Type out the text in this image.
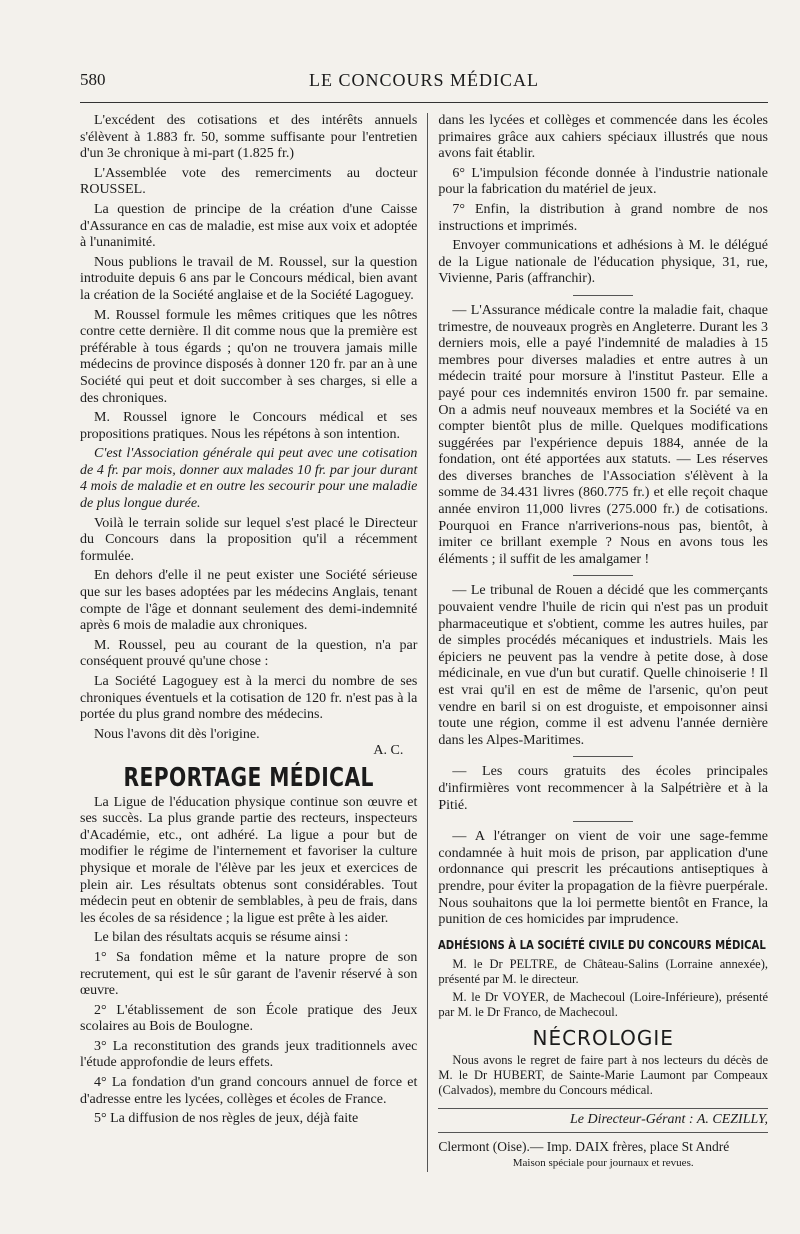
580	LE CONCOURS MÉDICAL

L'excédent des cotisations et des intérêts annuels s'élèvent à 1.883 fr. 50, somme suffisante pour l'entretien d'un 3e chronique à mi-part (1.825 fr.)

L'Assemblée vote des remerciments au docteur ROUSSEL.

La question de principe de la création d'une Caisse d'Assurance en cas de maladie, est mise aux voix et adoptée à l'unanimité.

Nous publions le travail de M. Roussel, sur la question introduite depuis 6 ans par le Concours médical, bien avant la création de la Société anglaise et de la Société Lagoguey.

M. Roussel formule les mêmes critiques que les nôtres contre cette dernière. Il dit comme nous que la première est préférable à tous égards ; qu'on ne trouvera jamais mille médecins de province disposés à donner 120 fr. par an à une Société qui peut et doit succomber à ses charges, si elle a des chroniques.

M. Roussel ignore le Concours médical et ses propositions pratiques. Nous les répétons à son intention.

C'est l'Association générale qui peut avec une cotisation de 4 fr. par mois, donner aux malades 10 fr. par jour durant 4 mois de maladie et en outre les secourir pour une maladie de plus longue durée.

Voilà le terrain solide sur lequel s'est placé le Directeur du Concours dans la proposition qu'il a récemment formulée.

En dehors d'elle il ne peut exister une Société sérieuse que sur les bases adoptées par les médecins Anglais, tenant compte de l'âge et donnant seulement des demi-indemnité après 6 mois de maladie aux chroniques.

M. Roussel, peu au courant de la question, n'a par conséquent prouvé qu'une chose :

La Société Lagoguey est à la merci du nombre de ses chroniques éventuels et la cotisation de 120 fr. n'est pas à la portée du plus grand nombre des médecins.

Nous l'avons dit dès l'origine.

A. C.
REPORTAGE MÉDICAL

La Ligue de l'éducation physique continue son œuvre et ses succès. La plus grande partie des recteurs, inspecteurs d'Académie, etc., ont adhéré. La ligue a pour but de modifier le régime de l'internement et favoriser la culture physique et morale de l'élève par les jeux et exercices de plein air. Les résultats obtenus sont considérables. Tout médecin peut en obtenir de semblables, à peu de frais, dans les écoles de sa résidence ; la ligue est prête à les aider.

Le bilan des résultats acquis se résume ainsi :

1° Sa fondation même et la nature propre de son recrutement, qui est le sûr garant de l'avenir réservé à son œuvre.

2° L'établissement de son École pratique des Jeux scolaires au Bois de Boulogne.

3° La reconstitution des grands jeux traditionnels avec l'étude approfondie de leurs effets.

4° La fondation d'un grand concours annuel de force et d'adresse entre les lycées, collèges et écoles de France.

5° La diffusion de nos règles de jeux, déjà faite

dans les lycées et collèges et commencée dans les écoles primaires grâce aux cahiers spéciaux illustrés que nous avons fait établir.

6° L'impulsion féconde donnée à l'industrie nationale pour la fabrication du matériel de jeux.

7° Enfin, la distribution à grand nombre de nos instructions et imprimés.

Envoyer communications et adhésions à M. le délégué de la Ligue nationale de l'éducation physique, 31, rue, Vivienne, Paris (affranchir).

— L'Assurance médicale contre la maladie fait, chaque trimestre, de nouveaux progrès en Angleterre. Durant les 3 derniers mois, elle a payé l'indemnité de maladies à 15 membres pour diverses maladies et entre autres à un médecin traité pour morsure à l'institut Pasteur. Elle a payé pour ces indemnités environ 1500 fr. par semaine. On a admis neuf nouveaux membres et la Société va en compter bientôt plus de mille. Quelques modifications suggérées par l'expérience depuis 1884, année de la fondation, ont été apportées aux statuts. — Les réserves des diverses branches de l'Association s'élèvent à la somme de 34.431 livres (860.775 fr.) et elle reçoit chaque année environ 11,000 livres (275.000 fr.) de cotisations. Pourquoi en France n'arriverions-nous pas, bientôt, à imiter ce brillant exemple ? Nous en avons tous les éléments ; il suffit de les amalgamer !

— Le tribunal de Rouen a décidé que les commerçants pouvaient vendre l'huile de ricin qui n'est pas un produit pharmaceutique et s'obtient, comme les autres huiles, par de simples procédés mécaniques et industriels. Mais les épiciers ne peuvent pas la vendre à petite dose, à dose médicinale, en vue d'un but curatif. Quelle chinoiserie ! Il est vrai qu'il en est de même de l'arsenic, qu'on peut vendre en baril si on est droguiste, et empoisonner ainsi toute une région, comme il est advenu l'année dernière dans les Alpes-Maritimes.

— Les cours gratuits des écoles principales d'infirmières vont recommencer à la Salpétrière et à la Pitié.

— A l'étranger on vient de voir une sage-femme condamnée à huit mois de prison, par application d'une ordonnance qui prescrit les précautions antiseptiques à prendre, pour éviter la propagation de la fièvre puerpérale. Nous souhaitons que la loi permette bientôt en France, la punition de ces homicides par imprudence.

ADHÉSIONS À LA SOCIÉTÉ CIVILE DU CONCOURS MÉDICAL

M. le Dr PELTRE, de Château-Salins (Lorraine annexée), présenté par M. le directeur.

M. le Dr VOYER, de Machecoul (Loire-Inférieure), présenté par M. le Dr Franco, de Machecoul.

NÉCROLOGIE

Nous avons le regret de faire part à nos lecteurs du décès de M. le Dr HUBERT, de Sainte-Marie Laumont par Compeaux (Calvados), membre du Concours médical.

Le Directeur-Gérant : A. CEZILLY,
Clermont (Oise).— Imp. DAIX frères, place St André
Maison spéciale pour journaux et revues.
